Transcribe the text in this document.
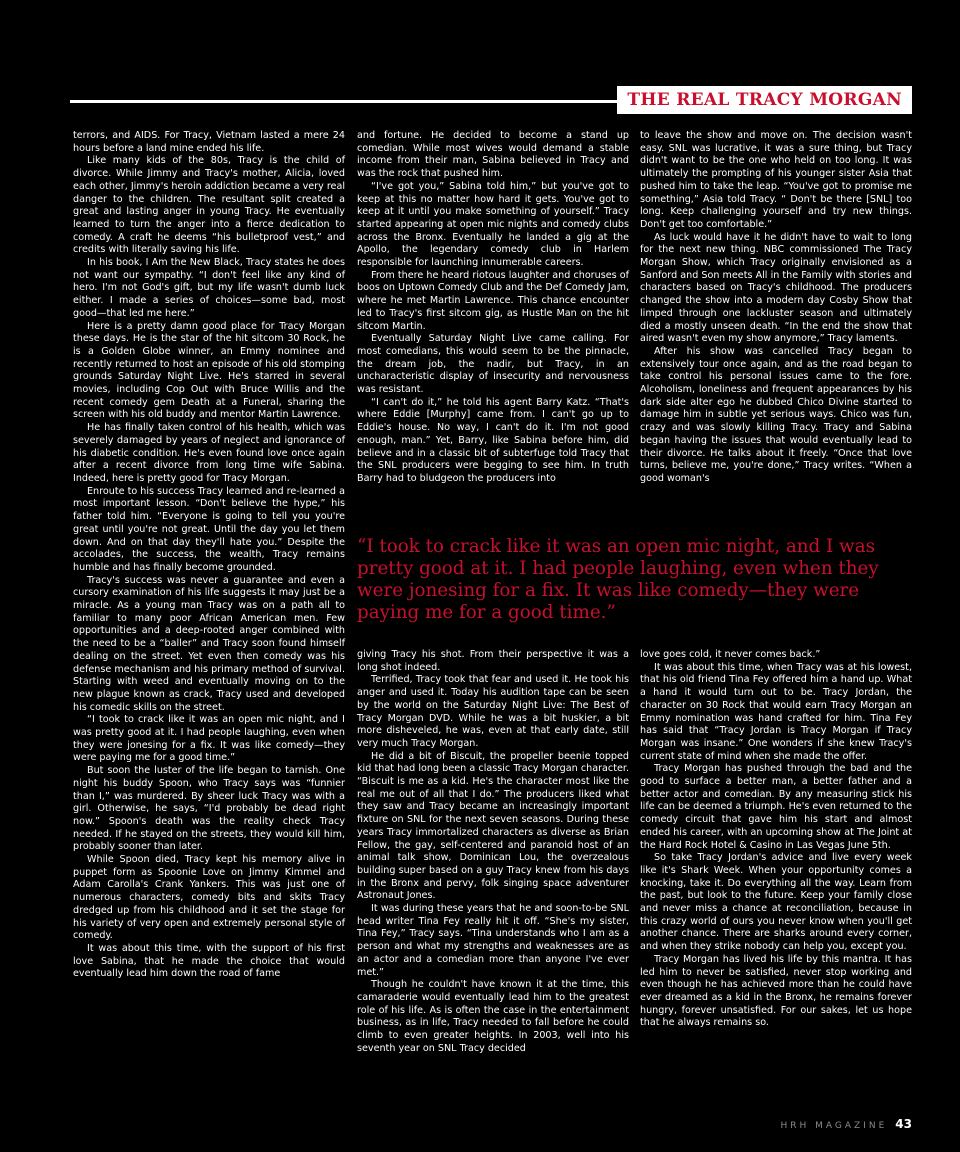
THE REAL TRACY MORGAN

terrors, and AIDS. For Tracy, Vietnam lasted a mere 24 hours before a land mine ended his life.

Like many kids of the 80s, Tracy is the child of divorce. While Jimmy and Tracy's mother, Alicia, loved each other, Jimmy's heroin addiction became a very real danger to the children. The resultant split created a great and lasting anger in young Tracy. He eventually learned to turn the anger into a fierce dedication to comedy. A craft he deems “his bulletproof vest,” and credits with literally saving his life.

In his book, I Am the New Black, Tracy states he does not want our sympathy. “I don't feel like any kind of hero. I'm not God's gift, but my life wasn't dumb luck either. I made a series of choices—some bad, most good—that led me here.”

Here is a pretty damn good place for Tracy Morgan these days. He is the star of the hit sitcom 30 Rock, he is a Golden Globe winner, an Emmy nominee and recently returned to host an episode of his old stomping grounds Saturday Night Live. He's starred in several movies, including Cop Out with Bruce Willis and the recent comedy gem Death at a Funeral, sharing the screen with his old buddy and mentor Martin Lawrence.

He has finally taken control of his health, which was severely damaged by years of neglect and ignorance of his diabetic condition. He's even found love once again after a recent divorce from long time wife Sabina. Indeed, here is pretty good for Tracy Morgan.

Enroute to his success Tracy learned and re-learned a most important lesson. “Don't believe the hype,” his father told him. “Everyone is going to tell you you're great until you're not great. Until the day you let them down. And on that day they'll hate you.” Despite the accolades, the success, the wealth, Tracy remains humble and has finally become grounded.

Tracy's success was never a guarantee and even a cursory examination of his life suggests it may just be a miracle. As a young man Tracy was on a path all to familiar to many poor African American men. Few opportunities and a deep-rooted anger combined with the need to be a “baller” and Tracy soon found himself dealing on the street. Yet even then comedy was his defense mechanism and his primary method of survival. Starting with weed and eventually moving on to the new plague known as crack, Tracy used and developed his comedic skills on the street.

“I took to crack like it was an open mic night, and I was pretty good at it. I had people laughing, even when they were jonesing for a fix. It was like comedy—they were paying me for a good time.”

But soon the luster of the life began to tarnish. One night his buddy Spoon, who Tracy says was “funnier than I,” was murdered. By sheer luck Tracy was with a girl. Otherwise, he says, “I'd probably be dead right now.” Spoon's death was the reality check Tracy needed. If he stayed on the streets, they would kill him, probably sooner than later.

While Spoon died, Tracy kept his memory alive in puppet form as Spoonie Love on Jimmy Kimmel and Adam Carolla's Crank Yankers. This was just one of numerous characters, comedy bits and skits Tracy dredged up from his childhood and it set the stage for his variety of very open and extremely personal style of comedy.

It was about this time, with the support of his first love Sabina, that he made the choice that would eventually lead him down the road of fame

and fortune. He decided to become a stand up comedian. While most wives would demand a stable income from their man, Sabina believed in Tracy and was the rock that pushed him.

“I've got you,” Sabina told him,” but you've got to keep at this no matter how hard it gets. You've got to keep at it until you make something of yourself.” Tracy started appearing at open mic nights and comedy clubs across the Bronx. Eventually he landed a gig at the Apollo, the legendary comedy club in Harlem responsible for launching innumerable careers.

From there he heard riotous laughter and choruses of boos on Uptown Comedy Club and the Def Comedy Jam, where he met Martin Lawrence. This chance encounter led to Tracy's first sitcom gig, as Hustle Man on the hit sitcom Martin.

Eventually Saturday Night Live came calling. For most comedians, this would seem to be the pinnacle, the dream job, the nadir, but Tracy, in an uncharacteristic display of insecurity and nervousness was resistant.

“I can't do it,” he told his agent Barry Katz. “That's where Eddie [Murphy] came from. I can't go up to Eddie's house. No way, I can't do it. I'm not good enough, man.” Yet, Barry, like Sabina before him, did believe and in a classic bit of subterfuge told Tracy that the SNL producers were begging to see him. In truth Barry had to bludgeon the producers into

to leave the show and move on. The decision wasn't easy. SNL was lucrative, it was a sure thing, but Tracy didn't want to be the one who held on too long. It was ultimately the prompting of his younger sister Asia that pushed him to take the leap. “You've got to promise me something,” Asia told Tracy. “ Don't be there [SNL] too long. Keep challenging yourself and try new things. Don't get too comfortable.”

As luck would have it he didn't have to wait to long for the next new thing. NBC commissioned The Tracy Morgan Show, which Tracy originally envisioned as a Sanford and Son meets All in the Family with stories and characters based on Tracy's childhood. The producers changed the show into a modern day Cosby Show that limped through one lackluster season and ultimately died a mostly unseen death. “In the end the show that aired wasn't even my show anymore,” Tracy laments.

After his show was cancelled Tracy began to extensively tour once again, and as the road began to take control his personal issues came to the fore. Alcoholism, loneliness and frequent appearances by his dark side alter ego he dubbed Chico Divine started to damage him in subtle yet serious ways. Chico was fun, crazy and was slowly killing Tracy. Tracy and Sabina began having the issues that would eventually lead to their divorce. He talks about it freely. “Once that love turns, believe me, you're done,” Tracy writes. “When a good woman's

“I took to crack like it was an open mic night, and I was pretty good at it. I had people laughing, even when they were jonesing for a fix. It was like comedy—they were paying me for a good time.”

giving Tracy his shot. From their perspective it was a long shot indeed.

Terrified, Tracy took that fear and used it. He took his anger and used it. Today his audition tape can be seen by the world on the Saturday Night Live: The Best of Tracy Morgan DVD. While he was a bit huskier, a bit more disheveled, he was, even at that early date, still very much Tracy Morgan.

He did a bit of Biscuit, the propeller beenie topped kid that had long been a classic Tracy Morgan character. “Biscuit is me as a kid. He's the character most like the real me out of all that I do.” The producers liked what they saw and Tracy became an increasingly important fixture on SNL for the next seven seasons. During these years Tracy immortalized characters as diverse as Brian Fellow, the gay, self-centered and paranoid host of an animal talk show, Dominican Lou, the overzealous building super based on a guy Tracy knew from his days in the Bronx and pervy, folk singing space adventurer Astronaut Jones.

It was during these years that he and soon-to-be SNL head writer Tina Fey really hit it off. “She's my sister, Tina Fey,” Tracy says. “Tina understands who I am as a person and what my strengths and weaknesses are as an actor and a comedian more than anyone I've ever met.”

Though he couldn't have known it at the time, this camaraderie would eventually lead him to the greatest role of his life. As is often the case in the entertainment business, as in life, Tracy needed to fall before he could climb to even greater heights. In 2003, well into his seventh year on SNL Tracy decided

love goes cold, it never comes back.”

It was about this time, when Tracy was at his lowest, that his old friend Tina Fey offered him a hand up. What a hand it would turn out to be. Tracy Jordan, the character on 30 Rock that would earn Tracy Morgan an Emmy nomination was hand crafted for him. Tina Fey has said that “Tracy Jordan is Tracy Morgan if Tracy Morgan was insane.” One wonders if she knew Tracy's current state of mind when she made the offer.

Tracy Morgan has pushed through the bad and the good to surface a better man, a better father and a better actor and comedian. By any measuring stick his life can be deemed a triumph. He's even returned to the comedy circuit that gave him his start and almost ended his career, with an upcoming show at The Joint at the Hard Rock Hotel & Casino in Las Vegas June 5th.

So take Tracy Jordan's advice and live every week like it's Shark Week. When your opportunity comes a knocking, take it. Do everything all the way. Learn from the past, but look to the future. Keep your family close and never miss a chance at reconciliation, because in this crazy world of ours you never know when you'll get another chance. There are sharks around every corner, and when they strike nobody can help you, except you.

Tracy Morgan has lived his life by this mantra. It has led him to never be satisfied, never stop working and even though he has achieved more than he could have ever dreamed as a kid in the Bronx, he remains forever hungry, forever unsatisfied. For our sakes, let us hope that he always remains so.

HRH MAGAZINE 43
